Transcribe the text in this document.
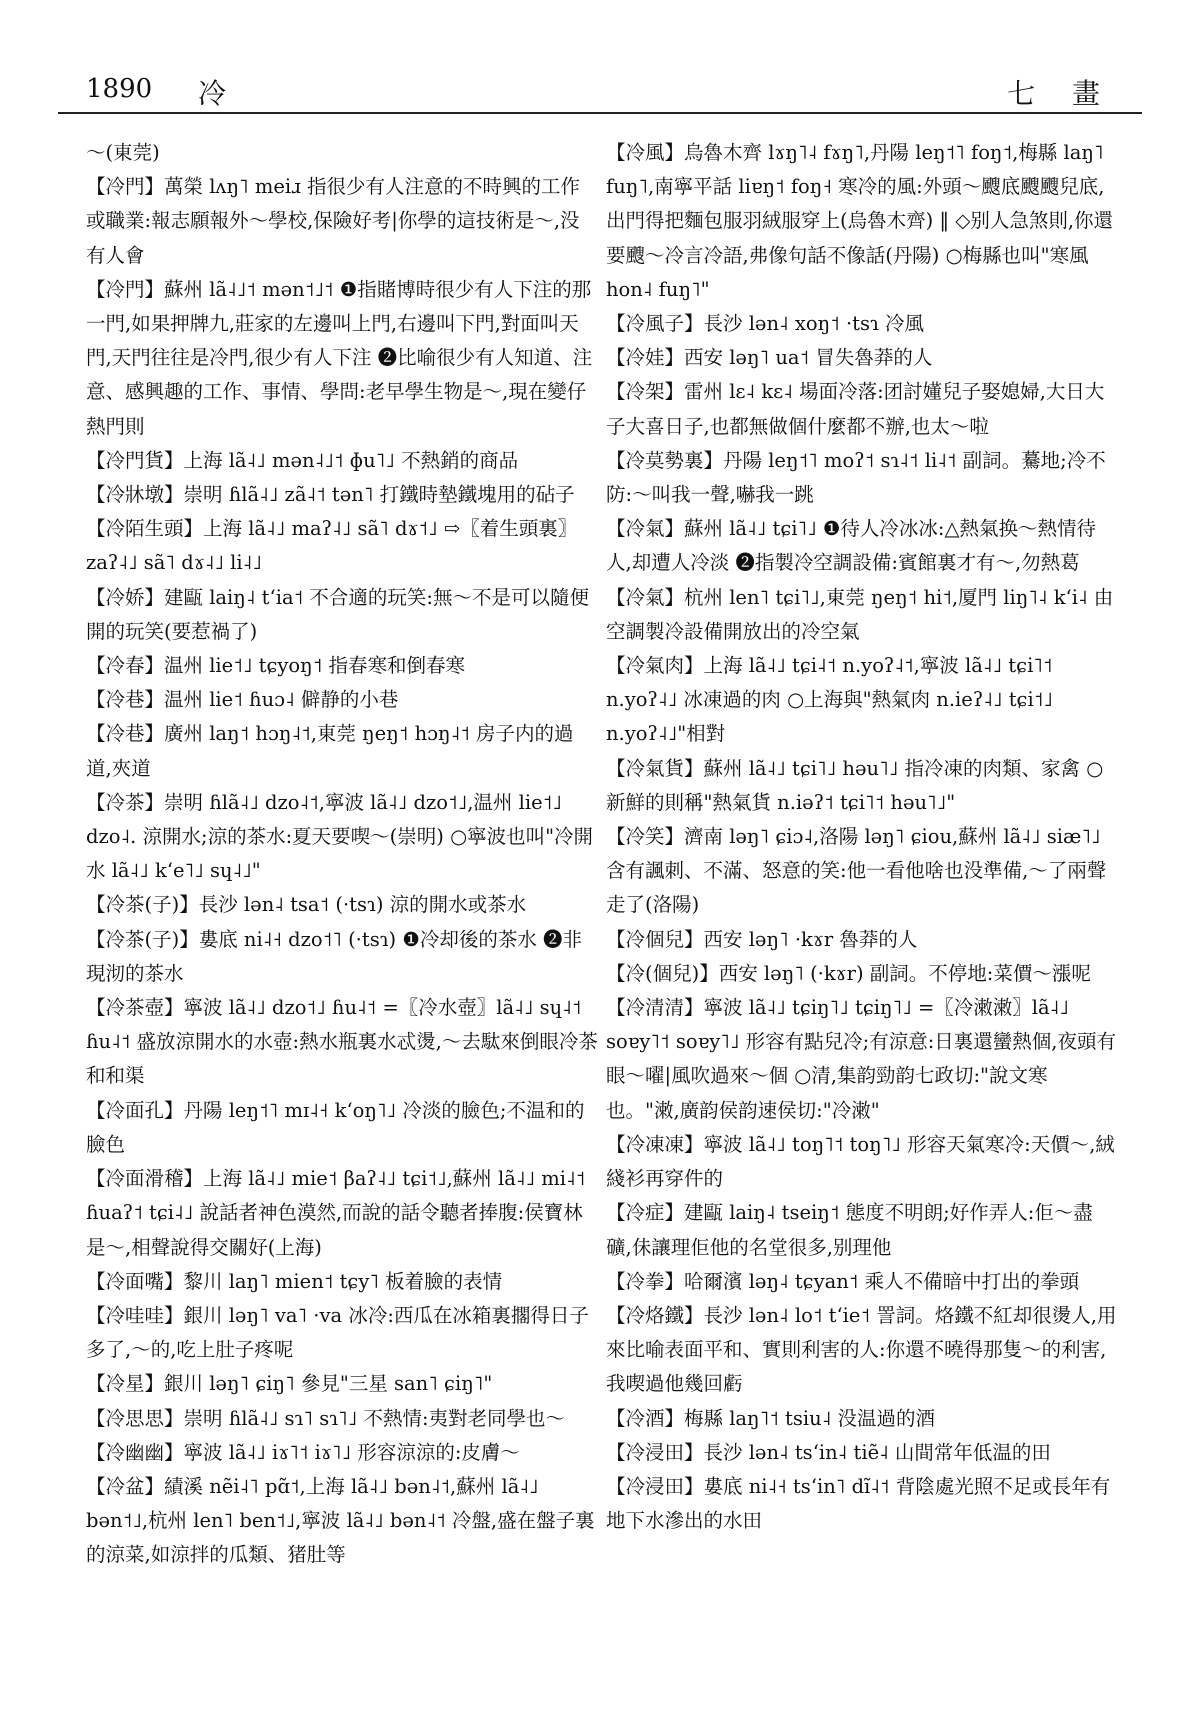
1890 冷	七 畫

～(東莞)

【冷門】萬榮 lʌŋ˥ meiɹ 指很少有人注意的不時興的工作或職業:報志願報外～學校,保險好考|你學的這技術是～,没有人會

【冷門】蘇州 lã˨˩˦ mən˦˩˦ ❶指賭博時很少有人下注的那一門,如果押牌九,莊家的左邊叫上門,右邊叫下門,對面叫天門,天門往往是冷門,很少有人下注 ❷比喻很少有人知道、注意、感興趣的工作、事情、學問:老早學生物是～,現在變仔熱門則

【冷門貨】上海 lã˨˩ mən˨˩˦ ɸu˥˩ 不熱銷的商品

【冷牀墩】崇明 ɦlã˨˩ zã˨˦ tən˥ 打鐵時墊鐵塊用的砧子

【冷陌生頭】上海 lã˨˩ maʔ˨˩ sã˥ dɤ˦˩ ⇨〖着生頭裏〗zaʔ˨˩ sã˥ dɤ˨˩ li˨˩

【冷娇】建甌 laiŋ˨ tʻia˦ 不合適的玩笑:無～不是可以隨便開的玩笑(要惹禍了)

【冷春】温州 lie˦˩ tɕyoŋ˦ 指春寒和倒春寒

【冷巷】温州 lie˦ ɦuɔ˨ 僻静的小巷

【冷巷】廣州 laŋ˦ hɔŋ˨˦,東莞 ŋeŋ˦ hɔŋ˨˦ 房子内的過道,夾道

【冷茶】崇明 ɦlã˨˩ dzo˨˦,寧波 lã˨˩ dzo˦˩,温州 lie˦˩ dzo˨. 涼開水;涼的茶水:夏天要喫～(崇明) ○寧波也叫"冷開水 lã˨˩ kʻe˥˩ sɥ˨˩"

【冷茶(子)】長沙 lən˨ tsa˦ (·tsɿ) 涼的開水或茶水

【冷茶(子)】婁底 ni˨˧ dzo˦˥ (·tsɿ) ❶冷却後的茶水 ❷非現沏的茶水

【冷茶壺】寧波 lã˨˩ dzo˦˩ ɦu˨˦ =〖冷水壺〗lã˨˩ sɥ˨˦ ɦu˨˦ 盛放涼開水的水壺:熱水瓶裏水忒燙,～去駄來倒眼冷茶和和渠

【冷面孔】丹陽 leŋ˦˥ mɪ˨˧ kʻoŋ˥˩ 冷淡的臉色;不温和的臉色

【冷面滑稽】上海 lã˨˩ mie˦ βaʔ˨˩ tɕi˦˩,蘇州 lã˨˩ mi˨˦ ɦuaʔ˦ tɕi˨˩ 說話者神色漠然,而說的話令聽者捧腹:侯寶林是～,相聲說得交關好(上海)

【冷面嘴】黎川 laŋ˥ mien˦ tɕy˥ 板着臉的表情

【冷哇哇】銀川 ləŋ˥ va˥ ·va 冰冷:西瓜在冰箱裏擱得日子多了,～的,吃上肚子疼呢

【冷星】銀川 ləŋ˥ ɕiŋ˥ 參見"三星 san˥ ɕiŋ˥"

【冷思思】崇明 ɦlã˨˩ sɿ˥ sɿ˥˩ 不熱情:夷對老同學也～

【冷幽幽】寧波 lã˨˩ iɤ˥˦ iɤ˥˩ 形容涼涼的:皮膚～

【冷盆】績溪 nẽi˨˥ pɑ̃˦,上海 lã˨˩ bən˨˦,蘇州 lã˨˩ bən˦˩,杭州 len˥ ben˦˩,寧波 lã˨˩ bən˨˦ 冷盤,盛在盤子裏的涼菜,如涼拌的瓜類、猪肚等

【冷風】烏魯木齊 lɤŋ˥˨ fɤŋ˥,丹陽 leŋ˦˥ foŋ˦,梅縣 laŋ˥ fuŋ˥,南寧平話 liɐŋ˦ foŋ˧ 寒冷的風:外頭～颼底颼颼兒底,出門得把麵包服羽絨服穿上(烏魯木齊) ‖ ◇别人急煞則,你還要颼～冷言冷語,弗像句話不像話(丹陽) ○梅縣也叫"寒風 hon˨ fuŋ˥"

【冷風子】長沙 lən˨ xoŋ˦ ·tsɿ 冷風

【冷娃】西安 ləŋ˥ ua˦ 冒失魯莽的人

【冷架】雷州 lɛ˨ kɛ˨ 場面冷落:团討嬞兒子娶媳婦,大日大子大喜日子,也都無做個什麼都不辦,也太～啦

【冷莫勢裏】丹陽 leŋ˦˥ moʔ˦ sɿ˨˦ li˨˦ 副詞。驀地;冷不防:～叫我一聲,嚇我一跳

【冷氣】蘇州 lã˨˩ tɕi˥˩ ❶待人冷冰冰:△熱氣换～熱情待人,却遭人冷淡 ❷指製冷空調設備:賓館裏才有～,勿熱葛

【冷氣】杭州 len˥ tɕi˥˩,東莞 ŋeŋ˦ hi˦,厦門 liŋ˥˨ kʻi˨ 由空調製冷設備開放出的冷空氣

【冷氣肉】上海 lã˨˩ tɕi˨˦ n.yoʔ˨˦,寧波 lã˨˩ tɕi˥˦ n.yoʔ˨˩ 冰凍過的肉 ○上海與"熱氣肉 n.ieʔ˨˩ tɕi˦˩ n.yoʔ˨˩"相對

【冷氣貨】蘇州 lã˨˩ tɕi˥˩ həu˥˩ 指冷凍的肉類、家禽 ○新鮮的則稱"熱氣貨 n.iəʔ˦ tɕi˥˦ həu˥˩"

【冷笑】濟南 ləŋ˥ ɕiɔ˨,洛陽 ləŋ˥ ɕiou,蘇州 lã˨˩ siæ˥˩ 含有諷刺、不滿、怒意的笑:他一看他啥也没準備,～了兩聲走了(洛陽)

【冷個兒】西安 ləŋ˥ ·kɤr 魯莽的人

【冷(個兒)】西安 ləŋ˥ (·kɤr) 副詞。不停地:菜價～漲呢

【冷清清】寧波 lã˨˩ tɕiŋ˥˩ tɕiŋ˥˩ =〖冷潄潄〗lã˨˩ soɐy˥˦ soɐy˥˩ 形容有點兒冷;有涼意:日裏還蠻熱個,夜頭有眼～嚁|風吹過來～個 ○清,集韵勁韵七政切:"說文寒也。"潄,廣韵侯韵速侯切:"冷潄"

【冷凍凍】寧波 lã˨˩ toŋ˥˦ toŋ˥˩ 形容天氣寒冷:天價～,絨綫衫再穿件的

【冷症】建甌 laiŋ˨ tseiŋ˦ 態度不明朗;好作弄人:佢～盡礦,佅讓理佢他的名堂很多,别理他

【冷拳】哈爾濱 ləŋ˨ tɕyan˦ 乘人不備暗中打出的拳頭

【冷烙鐵】長沙 lən˨ lo˦ tʻie˦ 詈詞。烙鐵不紅却很燙人,用來比喻表面平和、實則利害的人:你還不曉得那隻～的利害,我喫過他幾回虧

【冷酒】梅縣 laŋ˥˦ tsiu˨ 没温過的酒

【冷浸田】長沙 lən˨ tsʻin˨ tiẽ˨ 山間常年低温的田

【冷浸田】婁底 ni˨˧ tsʻin˥ dĩ˨˦ 背陰處光照不足或長年有地下水滲出的水田
